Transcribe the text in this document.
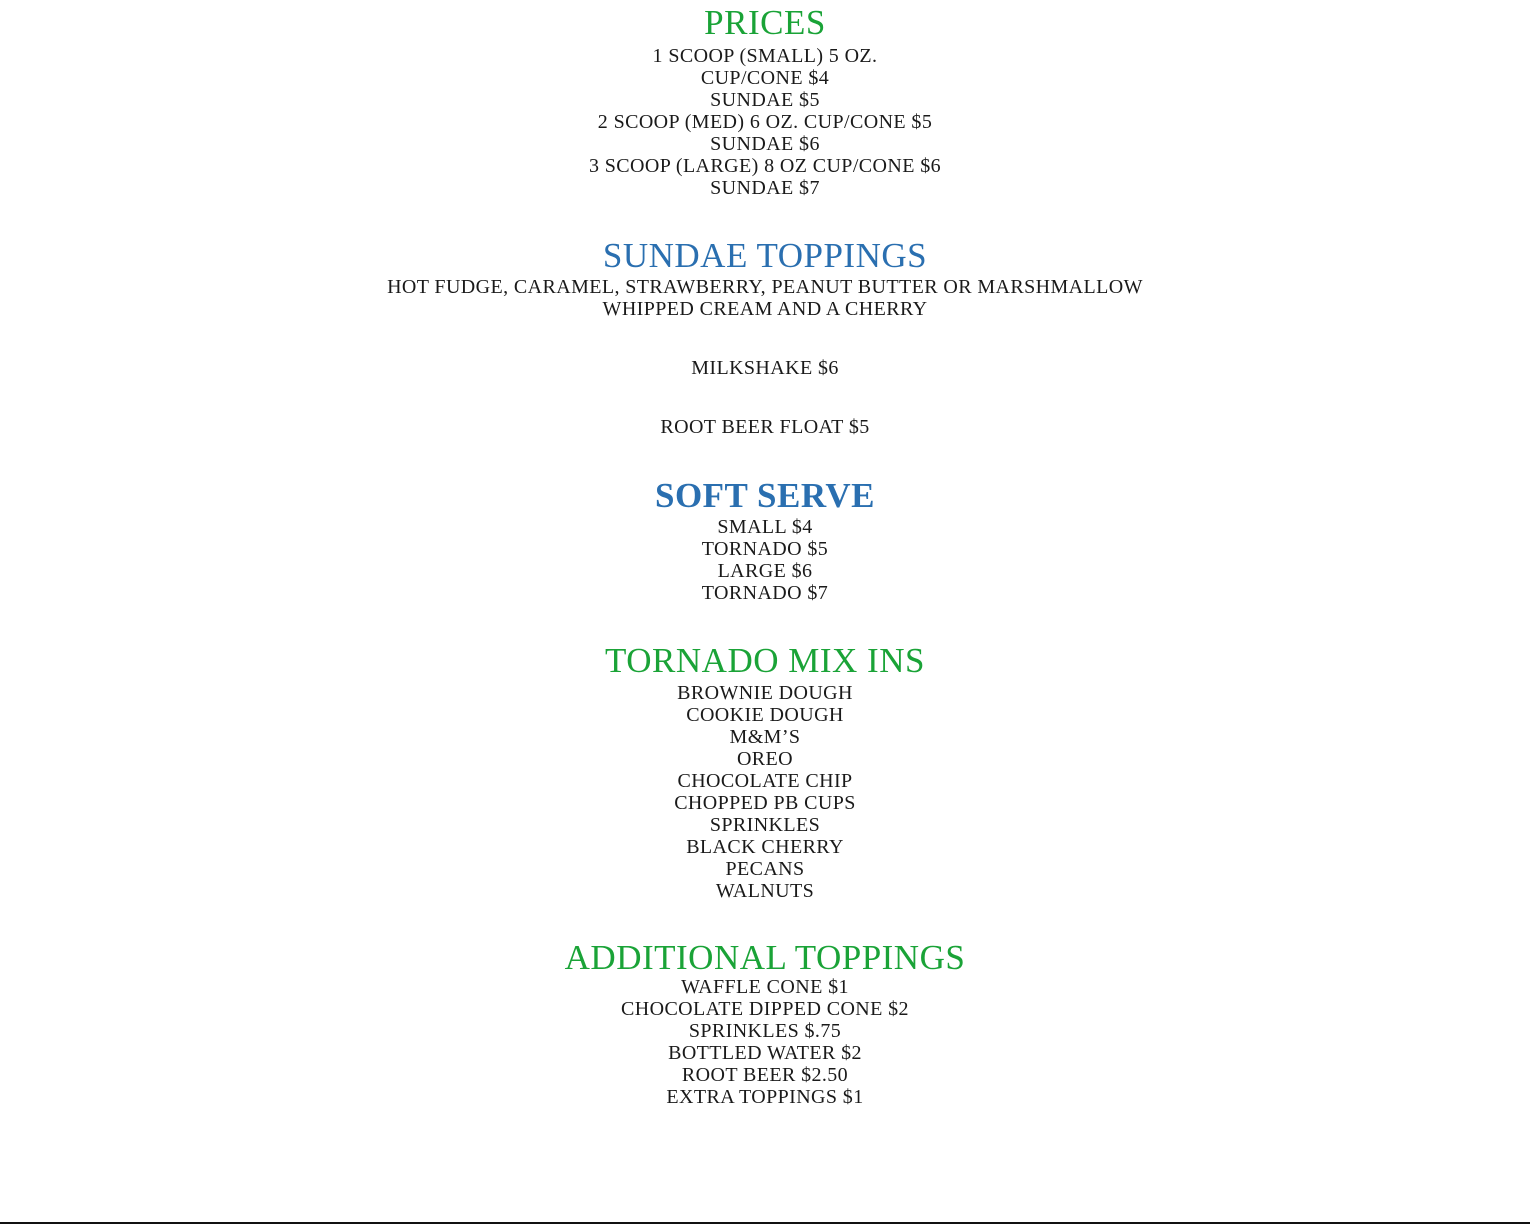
PRICES
1 SCOOP (SMALL) 5 OZ.
CUP/CONE $4
SUNDAE $5
2 SCOOP (MED) 6 OZ. CUP/CONE $5
SUNDAE $6
3 SCOOP (LARGE) 8 OZ CUP/CONE $6
SUNDAE $7
SUNDAE TOPPINGS
HOT FUDGE, CARAMEL, STRAWBERRY, PEANUT BUTTER OR MARSHMALLOW
WHIPPED CREAM AND A CHERRY
MILKSHAKE $6
ROOT BEER FLOAT $5
SOFT SERVE
SMALL $4
TORNADO $5
LARGE $6
TORNADO $7
TORNADO MIX INS
BROWNIE DOUGH
COOKIE DOUGH
M&M’S
OREO
CHOCOLATE CHIP
CHOPPED PB CUPS
SPRINKLES
BLACK CHERRY
PECANS
WALNUTS
ADDITIONAL TOPPINGS
WAFFLE CONE $1
CHOCOLATE DIPPED CONE $2
SPRINKLES $.75
BOTTLED WATER $2
ROOT BEER $2.50
EXTRA TOPPINGS $1
